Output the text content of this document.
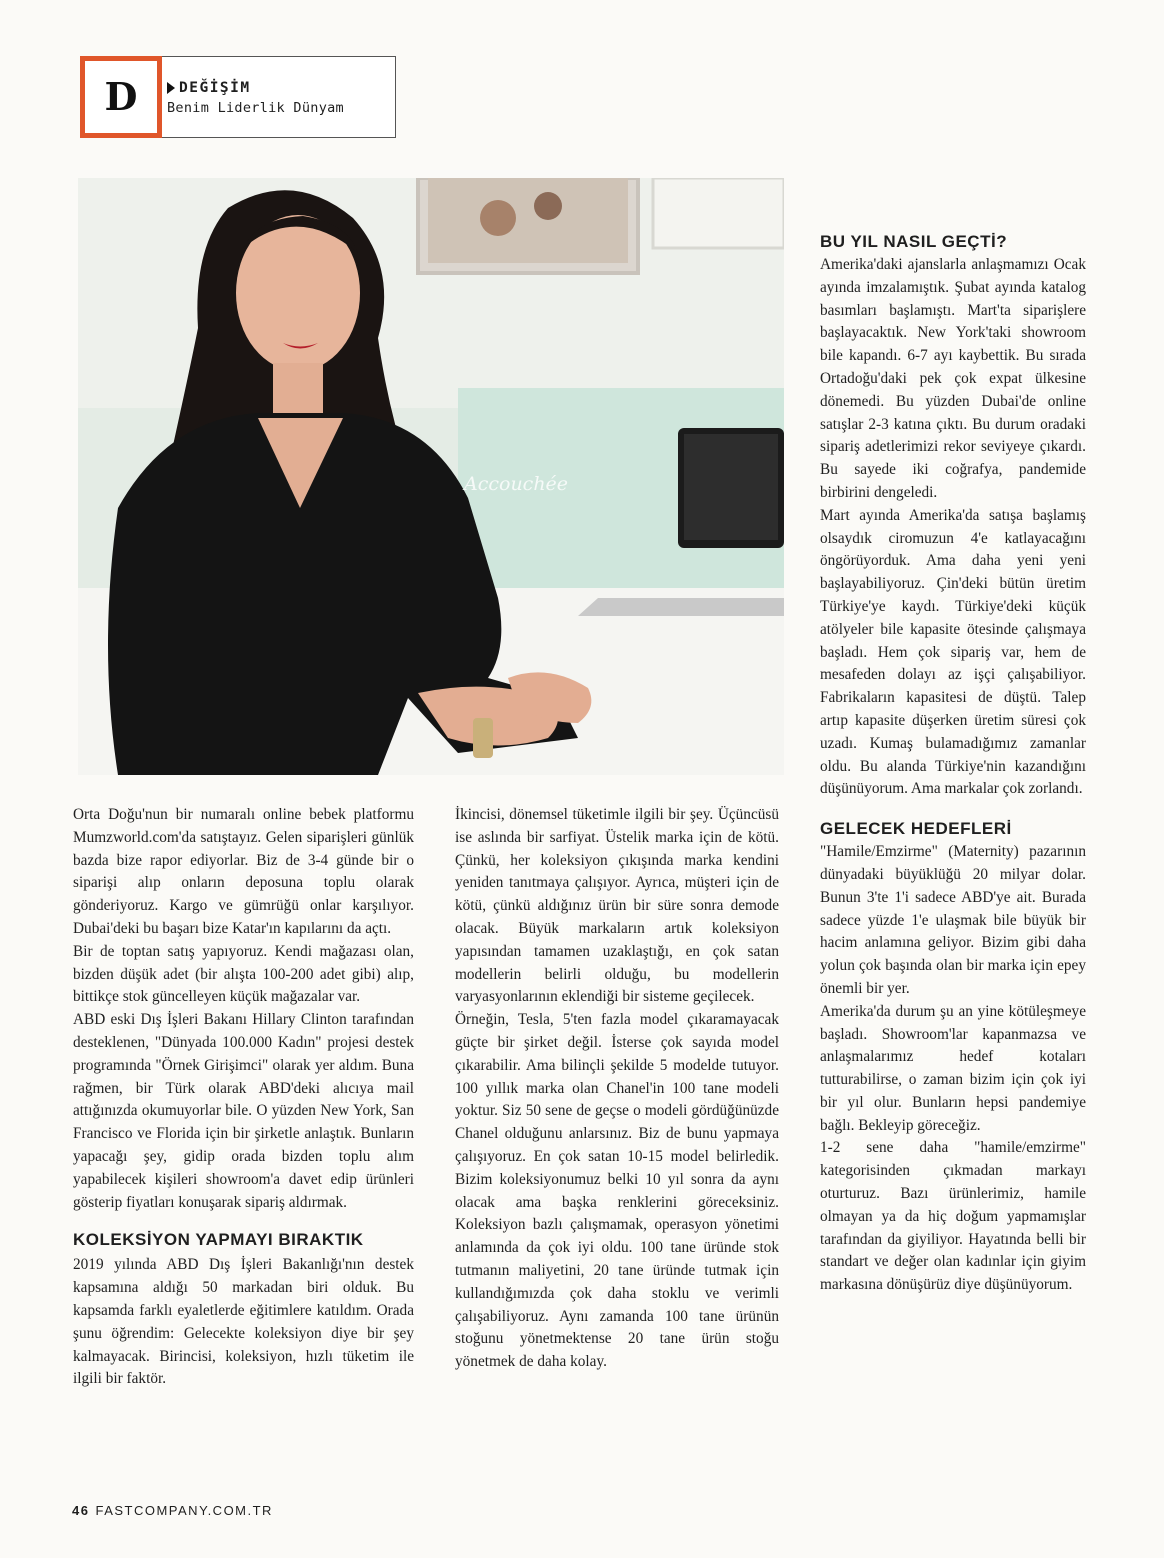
D	DEĞİŞİM
Benim Liderlik Dünyam
Accouchée

Orta Doğu'nun bir numaralı online bebek platformu Mumzworld.com'da satıştayız. Gelen siparişleri günlük bazda bize rapor ediyorlar. Biz de 3-4 günde bir o siparişi alıp onların deposuna toplu olarak gönderiyoruz. Kargo ve gümrüğü onlar karşılıyor. Dubai'deki bu başarı bize Katar'ın kapılarını da açtı.

Bir de toptan satış yapıyoruz. Kendi mağazası olan, bizden düşük adet (bir alışta 100-200 adet gibi) alıp, bittikçe stok güncelleyen küçük mağazalar var.

ABD eski Dış İşleri Bakanı Hillary Clinton tarafından desteklenen, "Dünyada 100.000 Kadın" projesi destek programında "Örnek Girişimci" olarak yer aldım. Buna rağmen, bir Türk olarak ABD'deki alıcıya mail attığınızda okumuyorlar bile. O yüzden New York, San Francisco ve Florida için bir şirketle anlaştık. Bunların yapacağı şey, gidip orada bizden toplu alım yapabilecek kişileri showroom'a davet edip ürünleri gösterip fiyatları konuşarak sipariş aldırmak.

KOLEKSİYON YAPMAYI BIRAKTIK

2019 yılında ABD Dış İşleri Bakanlığı'nın destek kapsamına aldığı 50 markadan biri olduk. Bu kapsamda farklı eyaletlerde eğitimlere katıldım. Orada şunu öğrendim: Gelecekte koleksiyon diye bir şey kalmayacak. Birincisi, koleksiyon, hızlı tüketim ile ilgili bir faktör.

İkincisi, dönemsel tüketimle ilgili bir şey. Üçüncüsü ise aslında bir sarfiyat. Üstelik marka için de kötü. Çünkü, her koleksiyon çıkışında marka kendini yeniden tanıtmaya çalışıyor. Ayrıca, müşteri için de kötü, çünkü aldığınız ürün bir süre sonra demode olacak. Büyük markaların artık koleksiyon yapısından tamamen uzaklaştığı, en çok satan modellerin belirli olduğu, bu modellerin varyasyonlarının eklendiği bir sisteme geçilecek.

Örneğin, Tesla, 5'ten fazla model çıkaramayacak güçte bir şirket değil. İsterse çok sayıda model çıkarabilir. Ama bilinçli şekilde 5 modelde tutuyor. 100 yıllık marka olan Chanel'in 100 tane modeli yoktur. Siz 50 sene de geçse o modeli gördüğünüzde Chanel olduğunu anlarsınız. Biz de bunu yapmaya çalışıyoruz. En çok satan 10-15 model belirledik. Bizim koleksiyonumuz belki 10 yıl sonra da aynı olacak ama başka renklerini göreceksiniz. Koleksiyon bazlı çalışmamak, operasyon yönetimi anlamında da çok iyi oldu. 100 tane üründe stok tutmanın maliyetini, 20 tane üründe tutmak için kullandığımızda çok daha stoklu ve verimli çalışabiliyoruz. Aynı zamanda 100 tane ürünün stoğunu yönetmektense 20 tane ürün stoğu yönetmek de daha kolay.

BU YIL NASIL GEÇTİ?

Amerika'daki ajanslarla anlaşmamızı Ocak ayında imzalamıştık. Şubat ayında katalog basımları başlamıştı. Mart'ta siparişlere başlayacaktık. New York'taki showroom bile kapandı. 6-7 ayı kaybettik. Bu sırada Ortadoğu'daki pek çok expat ülkesine dönemedi. Bu yüzden Dubai'de online satışlar 2-3 katına çıktı. Bu durum oradaki sipariş adetlerimizi rekor seviyeye çıkardı. Bu sayede iki coğrafya, pandemide birbirini dengeledi.

Mart ayında Amerika'da satışa başlamış olsaydık ciromuzun 4'e katlayacağını öngörüyorduk. Ama daha yeni yeni başlayabiliyoruz. Çin'deki bütün üretim Türkiye'ye kaydı. Türkiye'deki küçük atölyeler bile kapasite ötesinde çalışmaya başladı. Hem çok sipariş var, hem de mesafeden dolayı az işçi çalışabiliyor. Fabrikaların kapasitesi de düştü. Talep artıp kapasite düşerken üretim süresi çok uzadı. Kumaş bulamadığımız zamanlar oldu. Bu alanda Türkiye'nin kazandığını düşünüyorum. Ama markalar çok zorlandı.

GELECEK HEDEFLERİ

"Hamile/Emzirme" (Maternity) pazarının dünyadaki büyüklüğü 20 milyar dolar. Bunun 3'te 1'i sadece ABD'ye ait. Burada sadece yüzde 1'e ulaşmak bile büyük bir hacim anlamına geliyor. Bizim gibi daha yolun çok başında olan bir marka için epey önemli bir yer.

Amerika'da durum şu an yine kötüleşmeye başladı. Showroom'lar kapanmazsa ve anlaşmalarımız hedef kotaları tutturabilirse, o zaman bizim için çok iyi bir yıl olur. Bunların hepsi pandemiye bağlı. Bekleyip göreceğiz.

1-2 sene daha "hamile/emzirme" kategorisinden çıkmadan markayı oturturuz. Bazı ürünlerimiz, hamile olmayan ya da hiç doğum yapmamışlar tarafından da giyiliyor. Hayatında belli bir standart ve değer olan kadınlar için giyim markasına dönüşürüz diye düşünüyorum.

46 FASTCOMPANY.COM.TR
